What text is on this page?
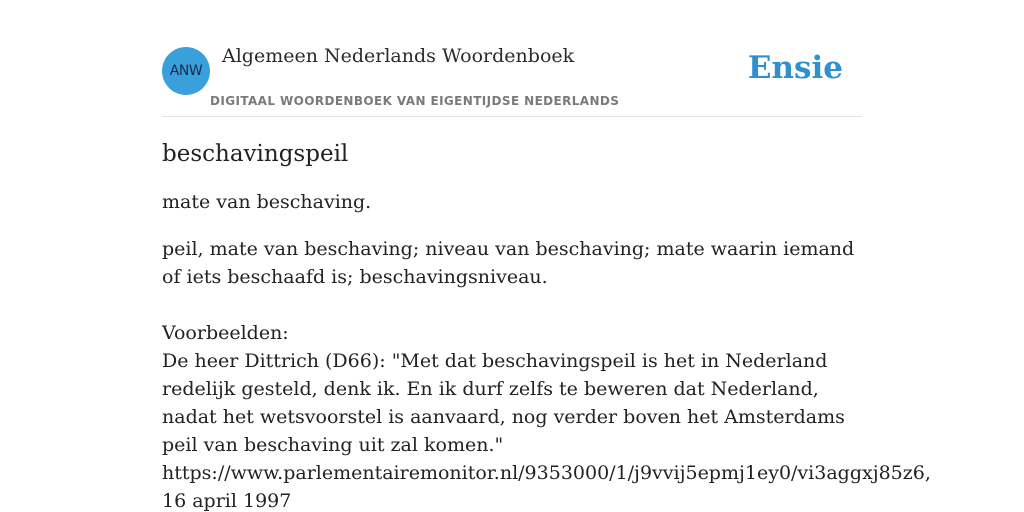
ANW
Algemeen Nederlands Woordenboek
DIGITAAL WOORDENBOEK VAN EIGENTIJDSE NEDERLANDS
Ensie
beschavingspeil

mate van beschaving.

peil, mate van beschaving; niveau van beschaving; mate waarin iemand of iets beschaafd is; beschavingsniveau.

Voorbeelden:
De heer Dittrich (D66): "Met dat beschavingspeil is het in Nederland redelijk gesteld, denk ik. En ik durf zelfs te beweren dat Nederland, nadat het wetsvoorstel is aanvaard, nog verder boven het Amsterdams peil van beschaving uit zal komen."
https://www.parlementairemonitor.nl/9353000/1/j9vvij5epmj1ey0/vi3aggxj85z6, 16 april 1997
